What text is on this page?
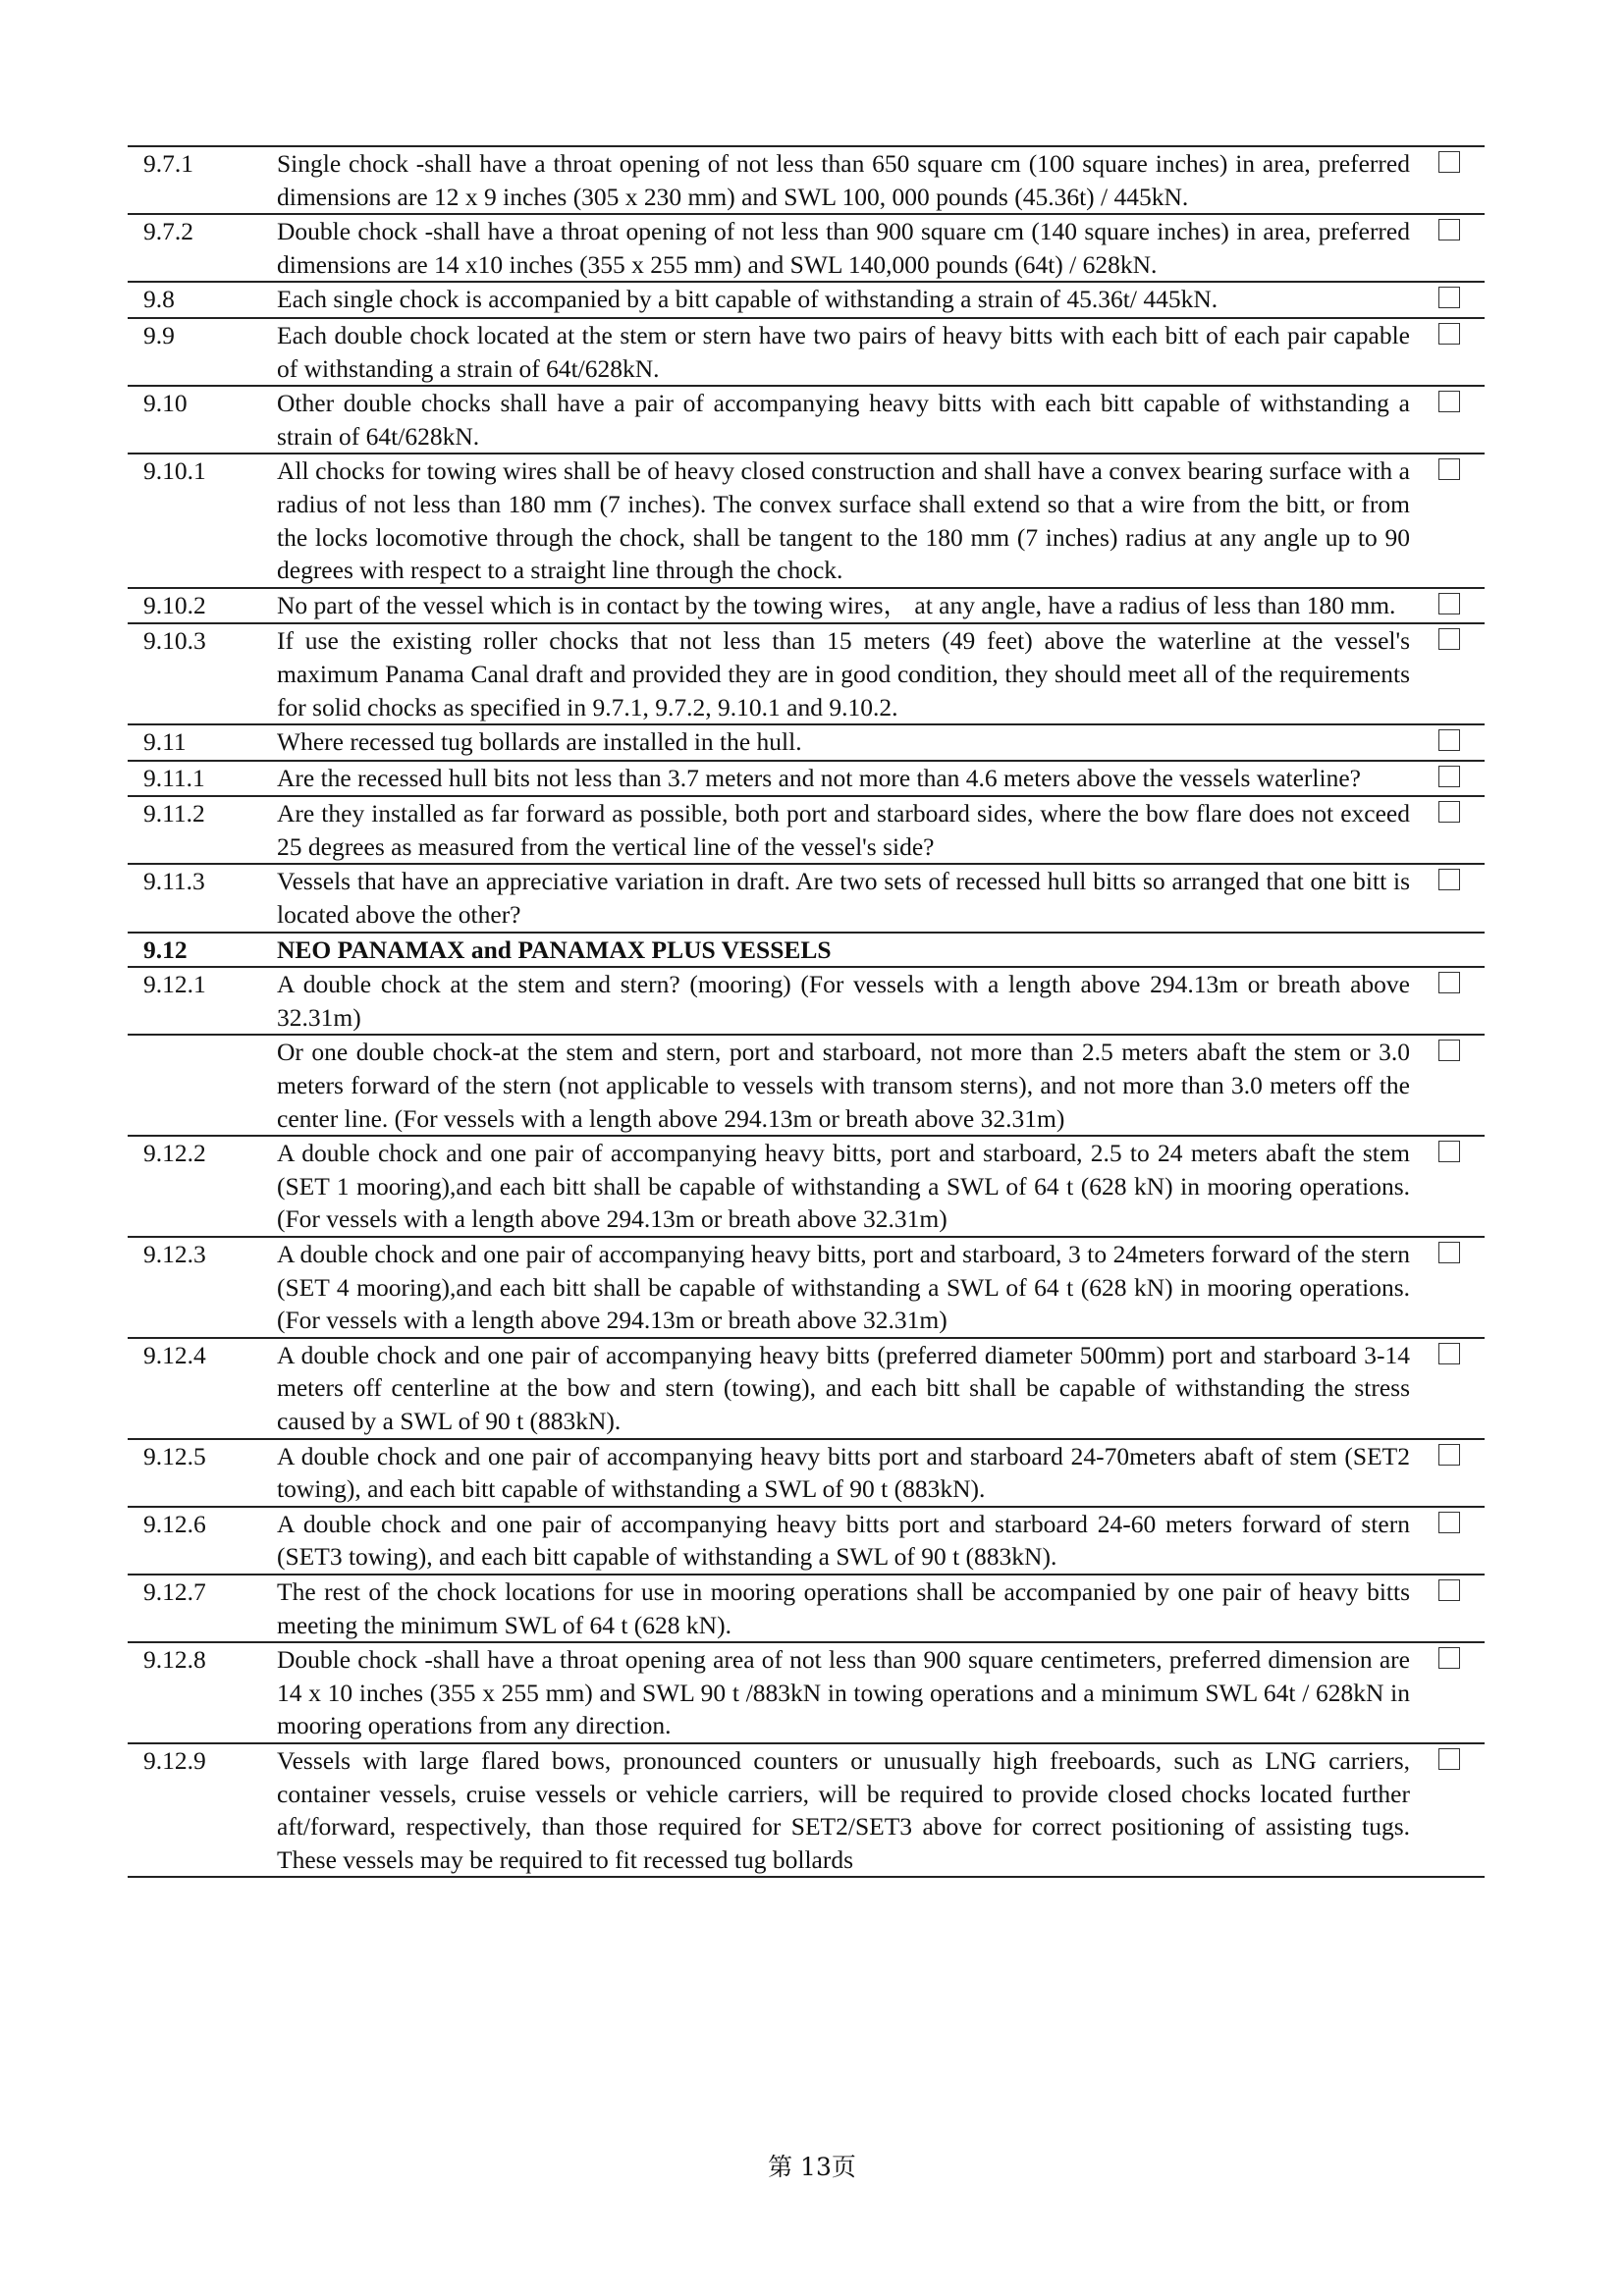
9.7.1	Single chock -shall have a throat opening of not less than 650 square cm (100 square inches) in area, preferred dimensions are 12 x 9 inches (305 x 230 mm) and SWL 100, 000 pounds (45.36t) / 445kN.	
9.7.2	Double chock -shall have a throat opening of not less than 900 square cm (140 square inches) in area, preferred dimensions are 14 x10 inches (355 x 255 mm) and SWL 140,000 pounds (64t) / 628kN.	
9.8	Each single chock is accompanied by a bitt capable of withstanding a strain of 45.36t/ 445kN.	
9.9	Each double chock located at the stem or stern have two pairs of heavy bitts with each bitt of each pair capable of withstanding a strain of 64t/628kN.	
9.10	Other double chocks shall have a pair of accompanying heavy bitts with each bitt capable of withstanding a strain of 64t/628kN.	
9.10.1	All chocks for towing wires shall be of heavy closed construction and shall have a convex bearing surface with a radius of not less than 180 mm (7 inches). The convex surface shall extend so that a wire from the bitt, or from the locks locomotive through the chock, shall be tangent to the 180 mm (7 inches) radius at any angle up to 90 degrees with respect to a straight line through the chock.	
9.10.2	No part of the vessel which is in contact by the towing wires， at any angle, have a radius of less than 180 mm.	
9.10.3	If use the existing roller chocks that not less than 15 meters (49 feet) above the waterline at the vessel's maximum Panama Canal draft and provided they are in good condition, they should meet all of the requirements for solid chocks as specified in 9.7.1, 9.7.2, 9.10.1 and 9.10.2.	
9.11	Where recessed tug bollards are installed in the hull.	
9.11.1	Are the recessed hull bits not less than 3.7 meters and not more than 4.6 meters above the vessels waterline?	
9.11.2	Are they installed as far forward as possible, both port and starboard sides, where the bow flare does not exceed 25 degrees as measured from the vertical line of the vessel's side?	
9.11.3	Vessels that have an appreciative variation in draft. Are two sets of recessed hull bitts so arranged that one bitt is located above the other?	
9.12	NEO PANAMAX and PANAMAX PLUS VESSELS	
9.12.1	A double chock at the stem and stern? (mooring) (For vessels with a length above 294.13m or breath above 32.31m)	
	Or one double chock-at the stem and stern, port and starboard, not more than 2.5 meters abaft the stem or 3.0 meters forward of the stern (not applicable to vessels with transom sterns), and not more than 3.0 meters off the center line. (For vessels with a length above 294.13m or breath above 32.31m)	
9.12.2	A double chock and one pair of accompanying heavy bitts, port and starboard, 2.5 to 24 meters abaft the stem (SET 1 mooring),and each bitt shall be capable of withstanding a SWL of 64 t (628 kN) in mooring operations.(For vessels with a length above 294.13m or breath above 32.31m)	
9.12.3	A double chock and one pair of accompanying heavy bitts, port and starboard, 3 to 24meters forward of the stern (SET 4 mooring),and each bitt shall be capable of withstanding a SWL of 64 t (628 kN) in mooring operations. (For vessels with a length above 294.13m or breath above 32.31m)	
9.12.4	A double chock and one pair of accompanying heavy bitts (preferred diameter 500mm) port and starboard 3-14 meters off centerline at the bow and stern (towing), and each bitt shall be capable of withstanding the stress caused by a SWL of 90 t (883kN).	
9.12.5	A double chock and one pair of accompanying heavy bitts port and starboard 24-70meters abaft of stem (SET2 towing), and each bitt capable of withstanding a SWL of 90 t (883kN).	
9.12.6	A double chock and one pair of accompanying heavy bitts port and starboard 24-60 meters forward of stern (SET3 towing), and each bitt capable of withstanding a SWL of 90 t (883kN).	
9.12.7	The rest of the chock locations for use in mooring operations shall be accompanied by one pair of heavy bitts meeting the minimum SWL of 64 t (628 kN).	
9.12.8	Double chock -shall have a throat opening area of not less than 900 square centimeters, preferred dimension are 14 x 10 inches (355 x 255 mm) and SWL 90 t /883kN in towing operations and a minimum SWL 64t / 628kN in mooring operations from any direction.	
9.12.9	Vessels with large flared bows, pronounced counters or unusually high freeboards, such as LNG carriers, container vessels, cruise vessels or vehicle carriers, will be required to provide closed chocks located further aft/forward, respectively, than those required for SET2/SET3 above for correct positioning of assisting tugs. These vessels may be required to fit recessed tug bollards	
第 13页
